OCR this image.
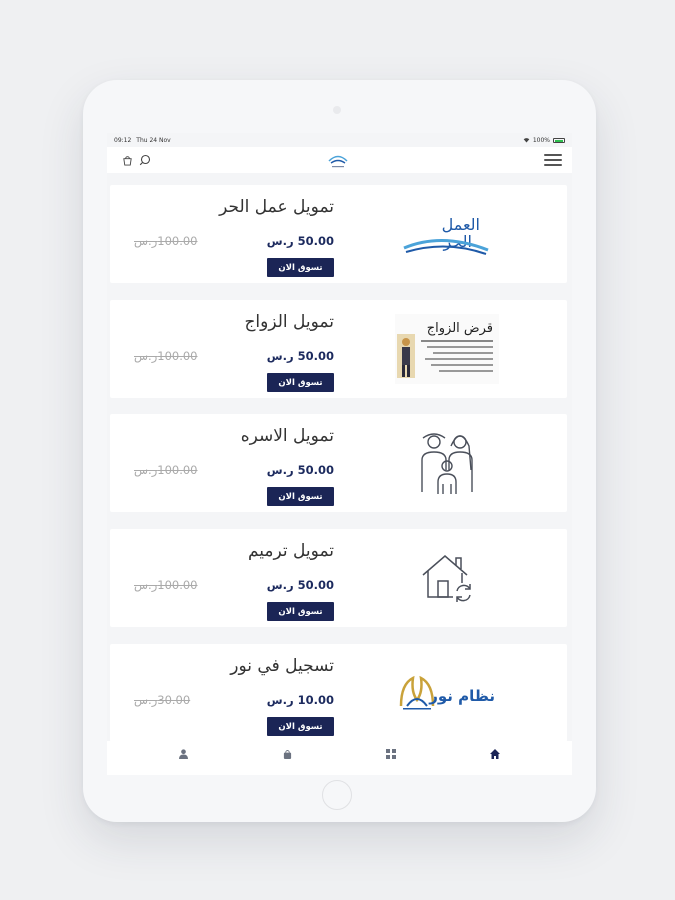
09:12 Thu 24 Nov	100%
تمويل عمل الحر
50.00 ر.س
100.00ر.س
تسوق الان
العمل
الحر
تمويل الزواج
50.00 ر.س
100.00ر.س
تسوق الان
قرض الزواج
تمويل الاسره
50.00 ر.س
100.00ر.س
تسوق الان
تمويل ترميم
50.00 ر.س
100.00ر.س
تسوق الان
تسجيل في نور
10.00 ر.س
30.00ر.س
تسوق الان
نظام نور
